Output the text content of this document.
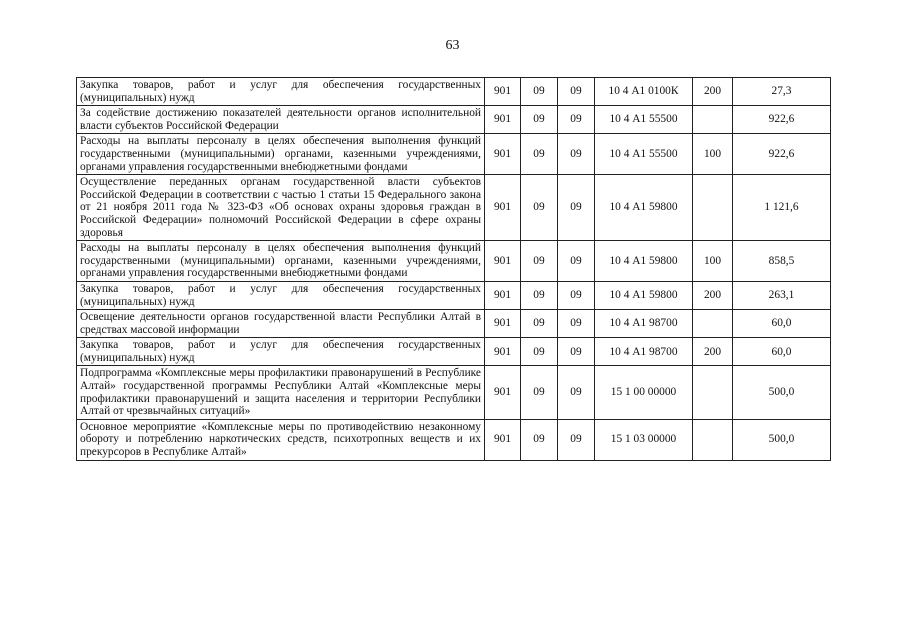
63
Закупка товаров, работ и услуг для обеспечения государственных (муниципальных) нужд	901	09	09	10 4 А1 0100К	200	27,3
За содействие достижению показателей деятельности органов исполнительной власти субъектов Российской Федерации	901	09	09	10 4 А1 55500		922,6
Расходы на выплаты персоналу в целях обеспечения выполнения функций государственными (муниципальными) органами, казенными учреждениями, органами управления государственными внебюджетными фондами	901	09	09	10 4 А1 55500	100	922,6
Осуществление переданных органам государственной власти субъектов Российской Федерации в соответствии с частью 1 статьи 15 Федерального закона от 21 ноября 2011 года № 323-ФЗ «Об основах охраны здоровья граждан в Российской Федерации» полномочий Российской Федерации в сфере охраны здоровья	901	09	09	10 4 А1 59800		1 121,6
Расходы на выплаты персоналу в целях обеспечения выполнения функций государственными (муниципальными) органами, казенными учреждениями, органами управления государственными внебюджетными фондами	901	09	09	10 4 А1 59800	100	858,5
Закупка товаров, работ и услуг для обеспечения государственных (муниципальных) нужд	901	09	09	10 4 А1 59800	200	263,1
Освещение деятельности органов государственной власти Республики Алтай в средствах массовой информации	901	09	09	10 4 А1 98700		60,0
Закупка товаров, работ и услуг для обеспечения государственных (муниципальных) нужд	901	09	09	10 4 А1 98700	200	60,0
Подпрограмма «Комплексные меры профилактики правонарушений в Республике Алтай» государственной программы Республики Алтай «Комплексные меры профилактики правонарушений и защита населения и территории Республики Алтай от чрезвычайных ситуаций»	901	09	09	15 1 00 00000		500,0
Основное мероприятие «Комплексные меры по противодействию незаконному обороту и потреблению наркотических средств, психотропных веществ и их прекурсоров в Республике Алтай»	901	09	09	15 1 03 00000		500,0
